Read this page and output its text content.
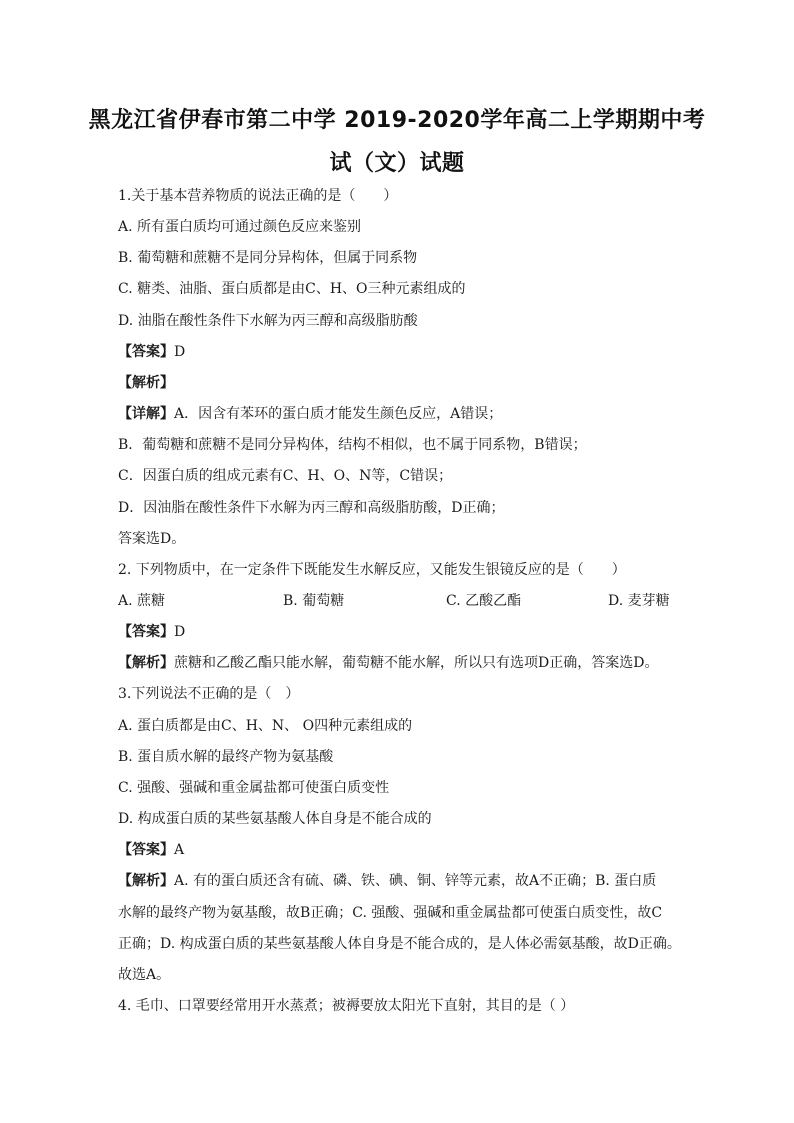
黑龙江省伊春市第二中学 2019-2020学年高二上学期期中考
试（文）试题
1.关于基本营养物质的说法正确的是（　　）
A. 所有蛋白质均可通过颜色反应来鉴别
B. 葡萄糖和蔗糖不是同分异构体，但属于同系物
C. 糖类、油脂、蛋白质都是由C、H、O三种元素组成的
D. 油脂在酸性条件下水解为丙三醇和高级脂肪酸
【答案】D
【解析】
【详解】A．因含有苯环的蛋白质才能发生颜色反应，A错误；
B．葡萄糖和蔗糖不是同分异构体，结构不相似，也不属于同系物，B错误；
C．因蛋白质的组成元素有C、H、O、N等，C错误；
D．因油脂在酸性条件下水解为丙三醇和高级脂肪酸，D正确；
答案选D。
2. 下列物质中，在一定条件下既能发生水解反应，又能发生银镜反应的是（　　）
A. 蔗糖	B. 葡萄糖	C. 乙酸乙酯	D. 麦芽糖
【答案】D
【解析】蔗糖和乙酸乙酯只能水解，葡萄糖不能水解，所以只有选项D正确，答案选D。
3.下列说法不正确的是（　）
A. 蛋白质都是由C、H、N、 O四种元素组成的
B. 蛋自质水解的最终产物为氨基酸
C. 强酸、强碱和重金属盐都可使蛋白质变性
D. 构成蛋白质的某些氨基酸人体自身是不能合成的
【答案】A
【解析】A. 有的蛋白质还含有硫、磷、铁、碘、铜、锌等元素，故A不正确；B. 蛋白质
水解的最终产物为氨基酸，故B正确；C. 强酸、强碱和重金属盐都可使蛋白质变性，故C
正确；D. 构成蛋白质的某些氨基酸人体自身是不能合成的，是人体必需氨基酸，故D正确。
故选A。
4. 毛巾、口罩要经常用开水蒸煮；被褥要放太阳光下直射，其目的是（ ）
